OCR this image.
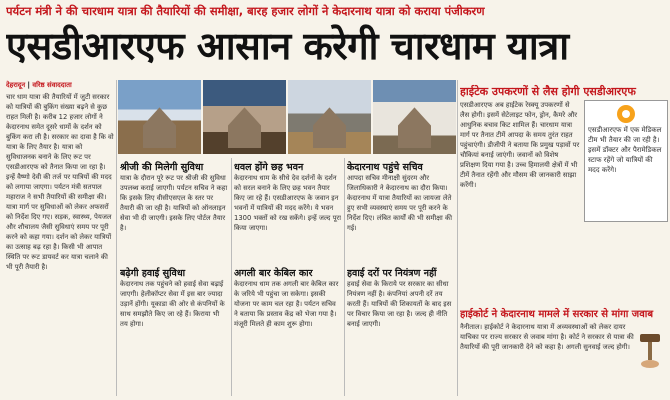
पर्यटन मंत्री ने की चारधाम यात्रा की तैयारियों की समीक्षा, बारह हजार लोगों ने केदारनाथ यात्रा को कराया पंजीकरण
एसडीआरएफ आसान करेगी चारधाम यात्रा
देहरादून | वरिष्ठ संवाददाता
चार धाम यात्रा की तैयारियों में जुटी सरकार को यात्रियों की बुकिंग संख्या बढ़ने से कुछ राहत मिली है। करीब 12 हजार लोगों ने केदारनाथ समेत दूसरे धामों के दर्शन को बुकिंग करा ली है। सरकार का दावा है कि वो यात्रा के लिए तैयार है। यात्रा को सुविधाजनक बनाने के लिए रूट पर एसडीआरएफ को तैनात किया जा रहा है। इन्हें वैष्णो देवी की तर्ज पर यात्रियों की मदद को लगाया जाएगा। पर्यटन मंत्री सतपाल महाराज ने सभी तैयारियों की समीक्षा की। यात्रा मार्ग पर सुविधाओं को लेकर अफसरों को निर्देश दिए गए। सड़क, स्वास्थ्य, पेयजल और शौचालय जैसी सुविधाएं समय पर पूरी करने को कहा गया। दर्शन को लेकर यात्रियों का उत्साह बढ़ रहा है। किसी भी आपात स्थिति पर रूट डायवर्ट कर यात्रा चलाने की भी पूरी तैयारी है।
श्रीजी की मिलेगी सुविधा
यात्रा के दौरान पूरे रूट पर श्रीजी की सुविधा उपलब्ध कराई जाएगी। पर्यटन सचिव ने कहा कि इसके लिए वीसीएसएल के स्तर पर तैयारी की जा रही है। यात्रियों को ऑनलाइन सेवा भी दी जाएगी। इसके लिए पोर्टल तैयार है।
धवल होंगे छह भवन
केदारनाथ धाम के सीधे देव दर्शनों के दर्शन को सरल बनाने के लिए छह भवन तैयार किए जा रहे हैं। एसडीआरएफ के जवान इन भवनों में यात्रियों की मदद करेंगे। ये भवन 1300 भक्तों को रख सकेंगे। इन्हें जल्द पूरा किया जाएगा।
केदारनाथ पहुंचे सचिव
आपदा सचिव मीनाक्षी सुंदरम और जिलाधिकारी ने केदारनाथ का दौरा किया। केदारनाथ में यात्रा तैयारियों का जायजा लेते हुए सभी व्यवस्थाएं समय पर पूरी करने के निर्देश दिए। लंबित कार्यों की भी समीक्षा की गई।
बढ़ेगी हवाई सुविधा
केदारनाथ तक पहुंचने को हवाई सेवा बढ़ाई जाएगी। हेलीकॉप्टर सेवा में इस बार ज्यादा उड़ानें होंगी। यूकाडा की ओर से कंपनियों के साथ समझौते किए जा रहे हैं। किराया भी तय होगा।
अगली बार केबिल कार
केदारनाथ धाम तक अगली बार केबिल कार के जरिये भी पहुंचा जा सकेगा। इसकी योजना पर काम चल रहा है। पर्यटन सचिव ने बताया कि प्रस्ताव केंद्र को भेजा गया है। मंजूरी मिलते ही काम शुरू होगा।
हवाई दरों पर नियंत्रण नहीं
हवाई सेवा के किराये पर सरकार का सीधा नियंत्रण नहीं है। कंपनियां अपनी दरें तय करती हैं। यात्रियों की शिकायतों के बाद इस पर विचार किया जा रहा है। जल्द ही नीति बनाई जाएगी।
हाईटेक उपकरणों से लैस होगी एसडीआरएफ
एसडीआरएफ अब हाईटेक रेस्क्यू उपकरणों से लैस होगी। इसमें सेटेलाइट फोन, ड्रोन, कैमरे और आधुनिक बचाव किट शामिल हैं। चारधाम यात्रा मार्ग पर तैनात टीमें आपदा के समय तुरंत राहत पहुंचाएंगी। डीजीपी ने बताया कि प्रमुख पड़ावों पर चौकियां बनाई जाएंगी। जवानों को विशेष प्रशिक्षण दिया गया है। उच्च हिमालयी क्षेत्रों में भी टीमें तैनात रहेंगी और मौसम की जानकारी साझा करेंगी।
एसडीआरएफ में एक मेडिकल टीम भी तैयार की जा रही है। इसमें डॉक्टर और पैरामेडिकल स्टाफ रहेंगे जो यात्रियों की मदद करेंगे।
हाईकोर्ट ने केदारनाथ मामले में सरकार से मांगा जवाब
नैनीताल। हाईकोर्ट ने केदारनाथ यात्रा में अव्यवस्थाओं को लेकर दायर याचिका पर राज्य सरकार से जवाब मांगा है। कोर्ट ने सरकार से यात्रा की तैयारियों की पूरी जानकारी देने को कहा है। अगली सुनवाई जल्द होगी।
